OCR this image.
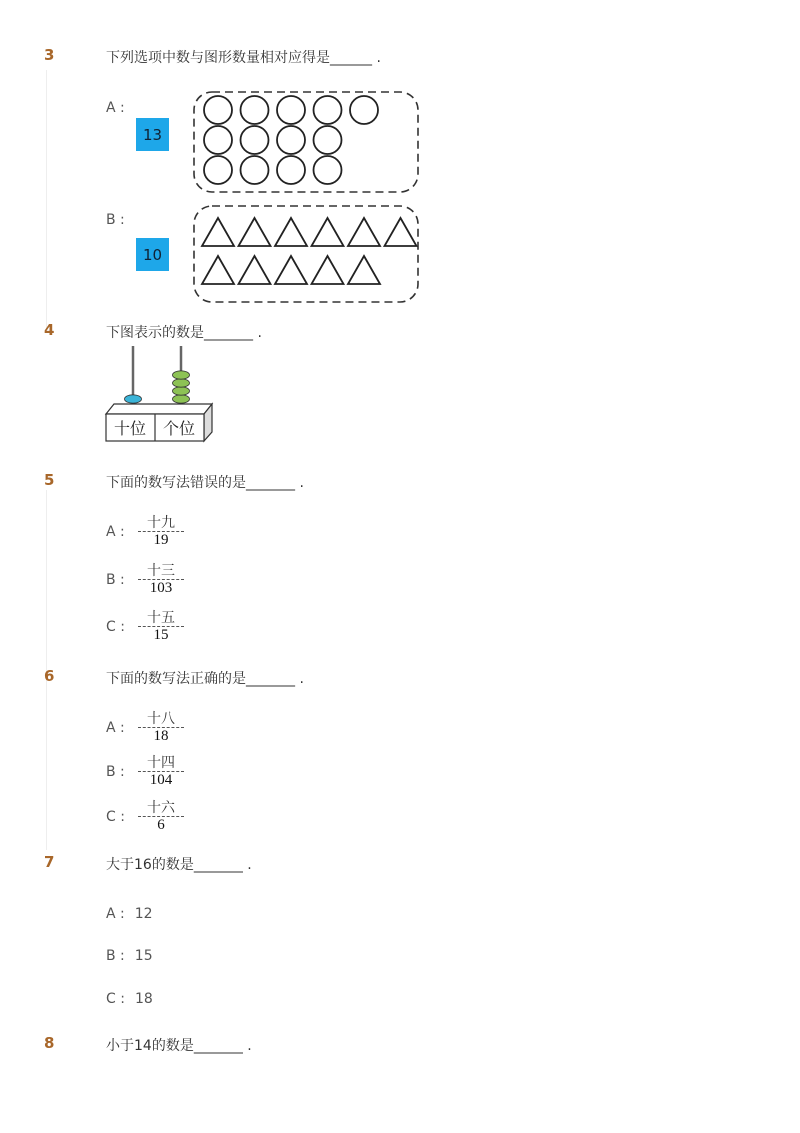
3	下列选项中数与图形数量相对应得是______ .
A :
13
B :
10
4	下图表示的数是_______ .
十位 个位
5	下面的数写法错误的是_______ .
A :
十九
19
B :
十三
103
C :
十五
15
6	下面的数写法正确的是_______ .
A :
十八
18
B :
十四
104
C :
十六
6
7	大于16的数是_______ .
A : 12
B : 15
C : 18
8	小于14的数是_______ .
